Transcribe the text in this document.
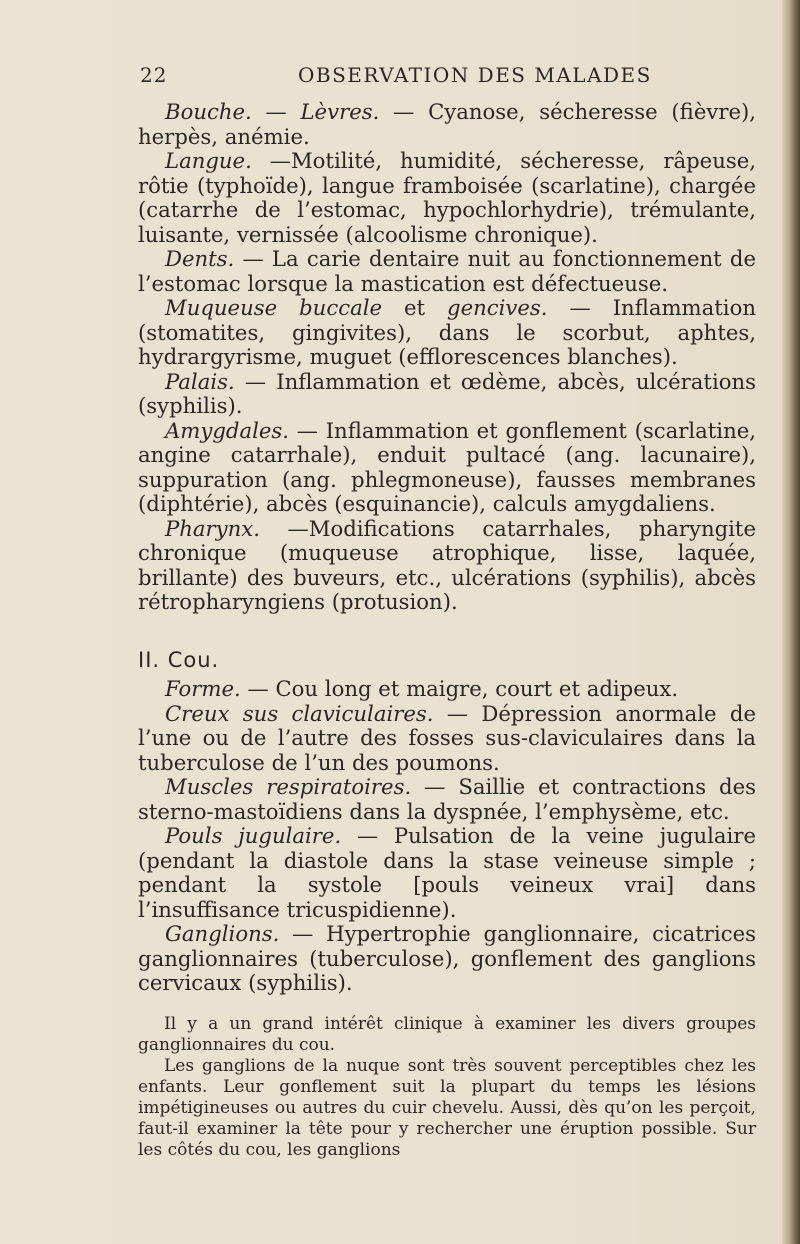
22	OBSERVATION DES MALADES

Bouche. — Lèvres. — Cyanose, sécheresse (fièvre), herpès, anémie.

Langue. —Motilité, humidité, sécheresse, râpeuse, rôtie (typhoïde), langue framboisée (scarlatine), chargée (catarrhe de l’estomac, hypochlorhydrie), trémulante, luisante, vernissée (alcoolisme chronique).

Dents. — La carie dentaire nuit au fonctionnement de l’estomac lorsque la mastication est défectueuse.

Muqueuse buccale et gencives. — Inflammation (stomatites, gingivites), dans le scorbut, aphtes, hydrargyrisme, muguet (efflorescences blanches).

Palais. — Inflammation et œdème, abcès, ulcérations (syphilis).

Amygdales. — Inflammation et gonflement (scarlatine, angine catarrhale), enduit pultacé (ang. lacunaire), suppuration (ang. phlegmoneuse), fausses membranes (diphtérie), abcès (esquinancie), calculs amygdaliens.

Pharynx. —Modifications catarrhales, pharyngite chronique (muqueuse atrophique, lisse, laquée, brillante) des buveurs, etc., ulcérations (syphilis), abcès rétropharyngiens (protusion).

II. Cou.

Forme. — Cou long et maigre, court et adipeux.

Creux sus claviculaires. — Dépression anormale de l’une ou de l’autre des fosses sus-claviculaires dans la tuberculose de l’un des poumons.

Muscles respiratoires. — Saillie et contractions des sterno-mastoïdiens dans la dyspnée, l’emphysème, etc.

Pouls jugulaire. — Pulsation de la veine jugulaire (pendant la diastole dans la stase veineuse simple ; pendant la systole [pouls veineux vrai] dans l’insuffisance tricuspidienne).

Ganglions. — Hypertrophie ganglionnaire, cicatrices ganglionnaires (tuberculose), gonflement des ganglions cervicaux (syphilis).

Il y a un grand intérêt clinique à examiner les divers groupes ganglionnaires du cou.

Les ganglions de la nuque sont très souvent perceptibles chez les enfants. Leur gonflement suit la plupart du temps les lésions impétigineuses ou autres du cuir chevelu. Aussi, dès qu’on les perçoit, faut-il examiner la tête pour y rechercher une éruption possible. Sur les côtés du cou, les ganglions
